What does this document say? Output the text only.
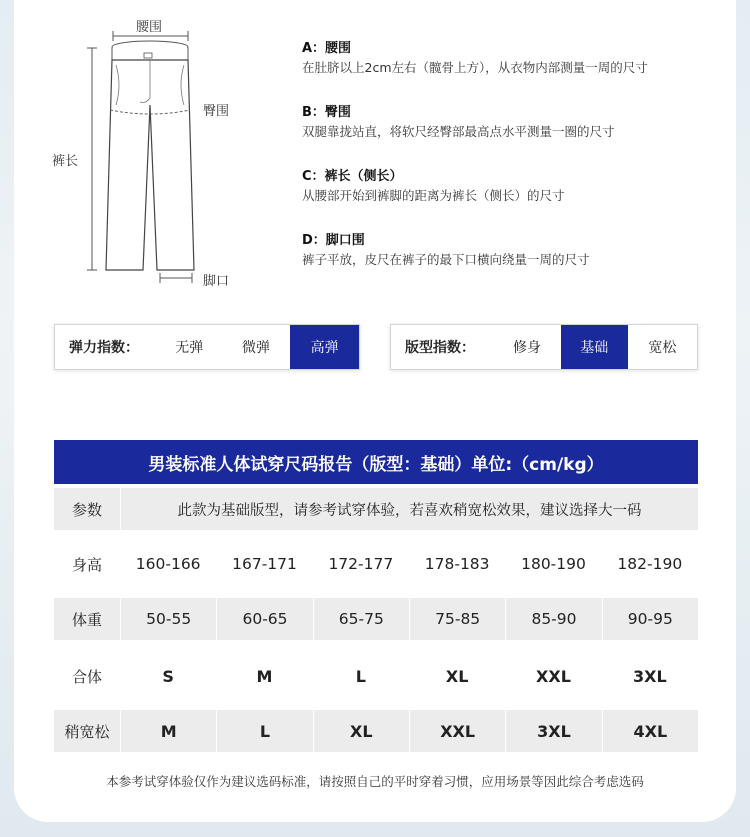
腰围
臀围
裤长
脚口
A：腰围
在肚脐以上2cm左右（髋骨上方），从衣物内部测量一周的尺寸
B：臀围
双腿靠拢站直，将软尺经臀部最高点水平测量一圈的尺寸
C：裤长（侧长）
从腰部开始到裤脚的距离为裤长（侧长）的尺寸
D：脚口围
裤子平放，皮尺在裤子的最下口横向绕量一周的尺寸
弹力指数：	无弹	微弹	高弹	版型指数：	修身	基础	宽松
男装标准人体试穿尺码报告（版型：基础）单位:（cm/kg）
参数	此款为基础版型，请参考试穿体验，若喜欢稍宽松效果，建议选择大一码
身高	160-166	167-171	172-177	178-183	180-190	182-190
体重	50-55	60-65	65-75	75-85	85-90	90-95
合体	S	M	L	XL	XXL	3XL
稍宽松	M	L	XL	XXL	3XL	4XL
本参考试穿体验仅作为建议选码标准，请按照自己的平时穿着习惯，应用场景等因此综合考虑选码
